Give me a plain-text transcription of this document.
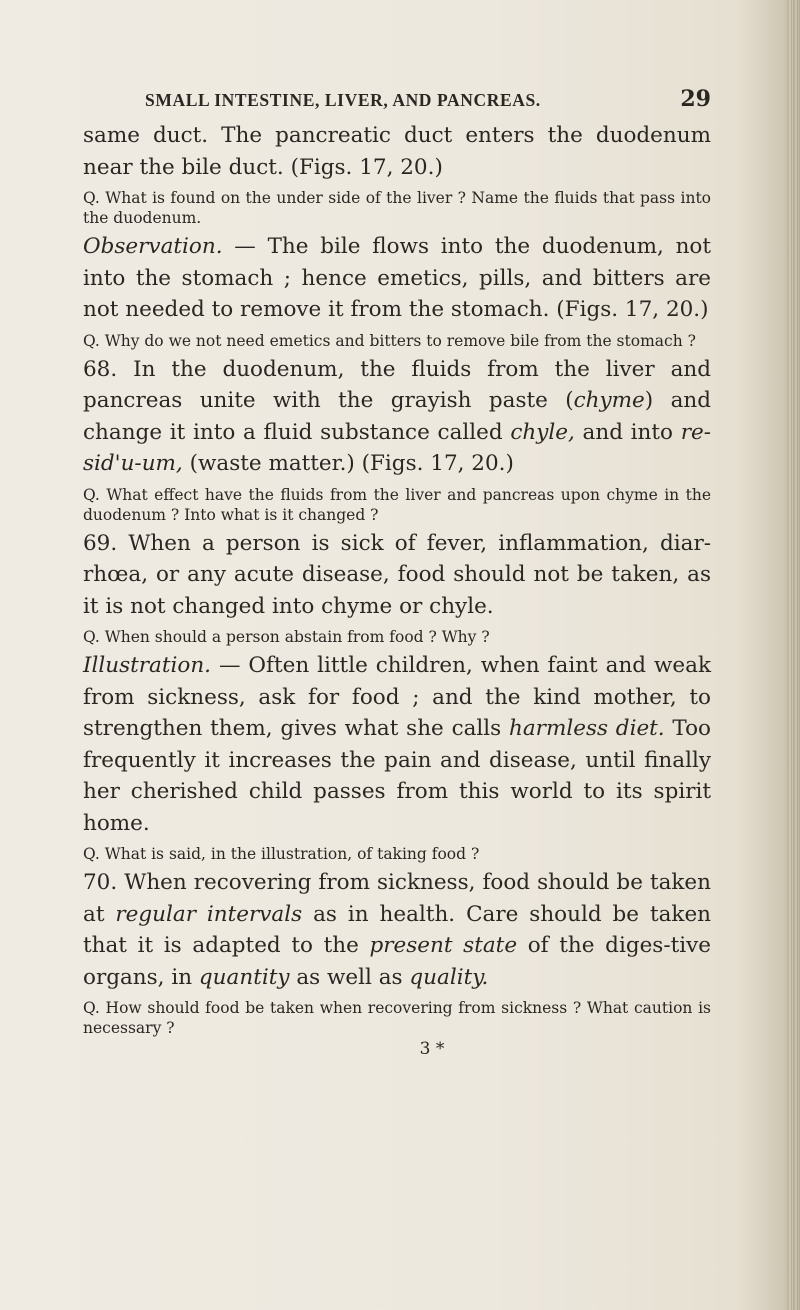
SMALL INTESTINE, LIVER, AND PANCREAS.	29

same duct. The pancreatic duct enters the duodenum near the bile duct. (Figs. 17, 20.)

Q. What is found on the under side of the liver ? Name the fluids that pass into the duodenum.

Observation. — The bile flows into the duodenum, not into the stomach ; hence emetics, pills, and bitters are not needed to remove it from the stomach. (Figs. 17, 20.)

Q. Why do we not need emetics and bitters to remove bile from the stomach ?

68. In the duodenum, the fluids from the liver and pancreas unite with the grayish paste (chyme) and change it into a fluid substance called chyle, and into re-sid'u-um, (waste matter.) (Figs. 17, 20.)

Q. What effect have the fluids from the liver and pancreas upon chyme in the duodenum ? Into what is it changed ?

69. When a person is sick of fever, inflammation, diar-rhœa, or any acute disease, food should not be taken, as it is not changed into chyme or chyle.

Q. When should a person abstain from food ? Why ?

Illustration. — Often little children, when faint and weak from sickness, ask for food ; and the kind mother, to strengthen them, gives what she calls harmless diet. Too frequently it increases the pain and disease, until finally her cherished child passes from this world to its spirit home.

Q. What is said, in the illustration, of taking food ?

70. When recovering from sickness, food should be taken at regular intervals as in health. Care should be taken that it is adapted to the present state of the diges-tive organs, in quantity as well as quality.

Q. How should food be taken when recovering from sickness ? What caution is necessary ?

3 *
